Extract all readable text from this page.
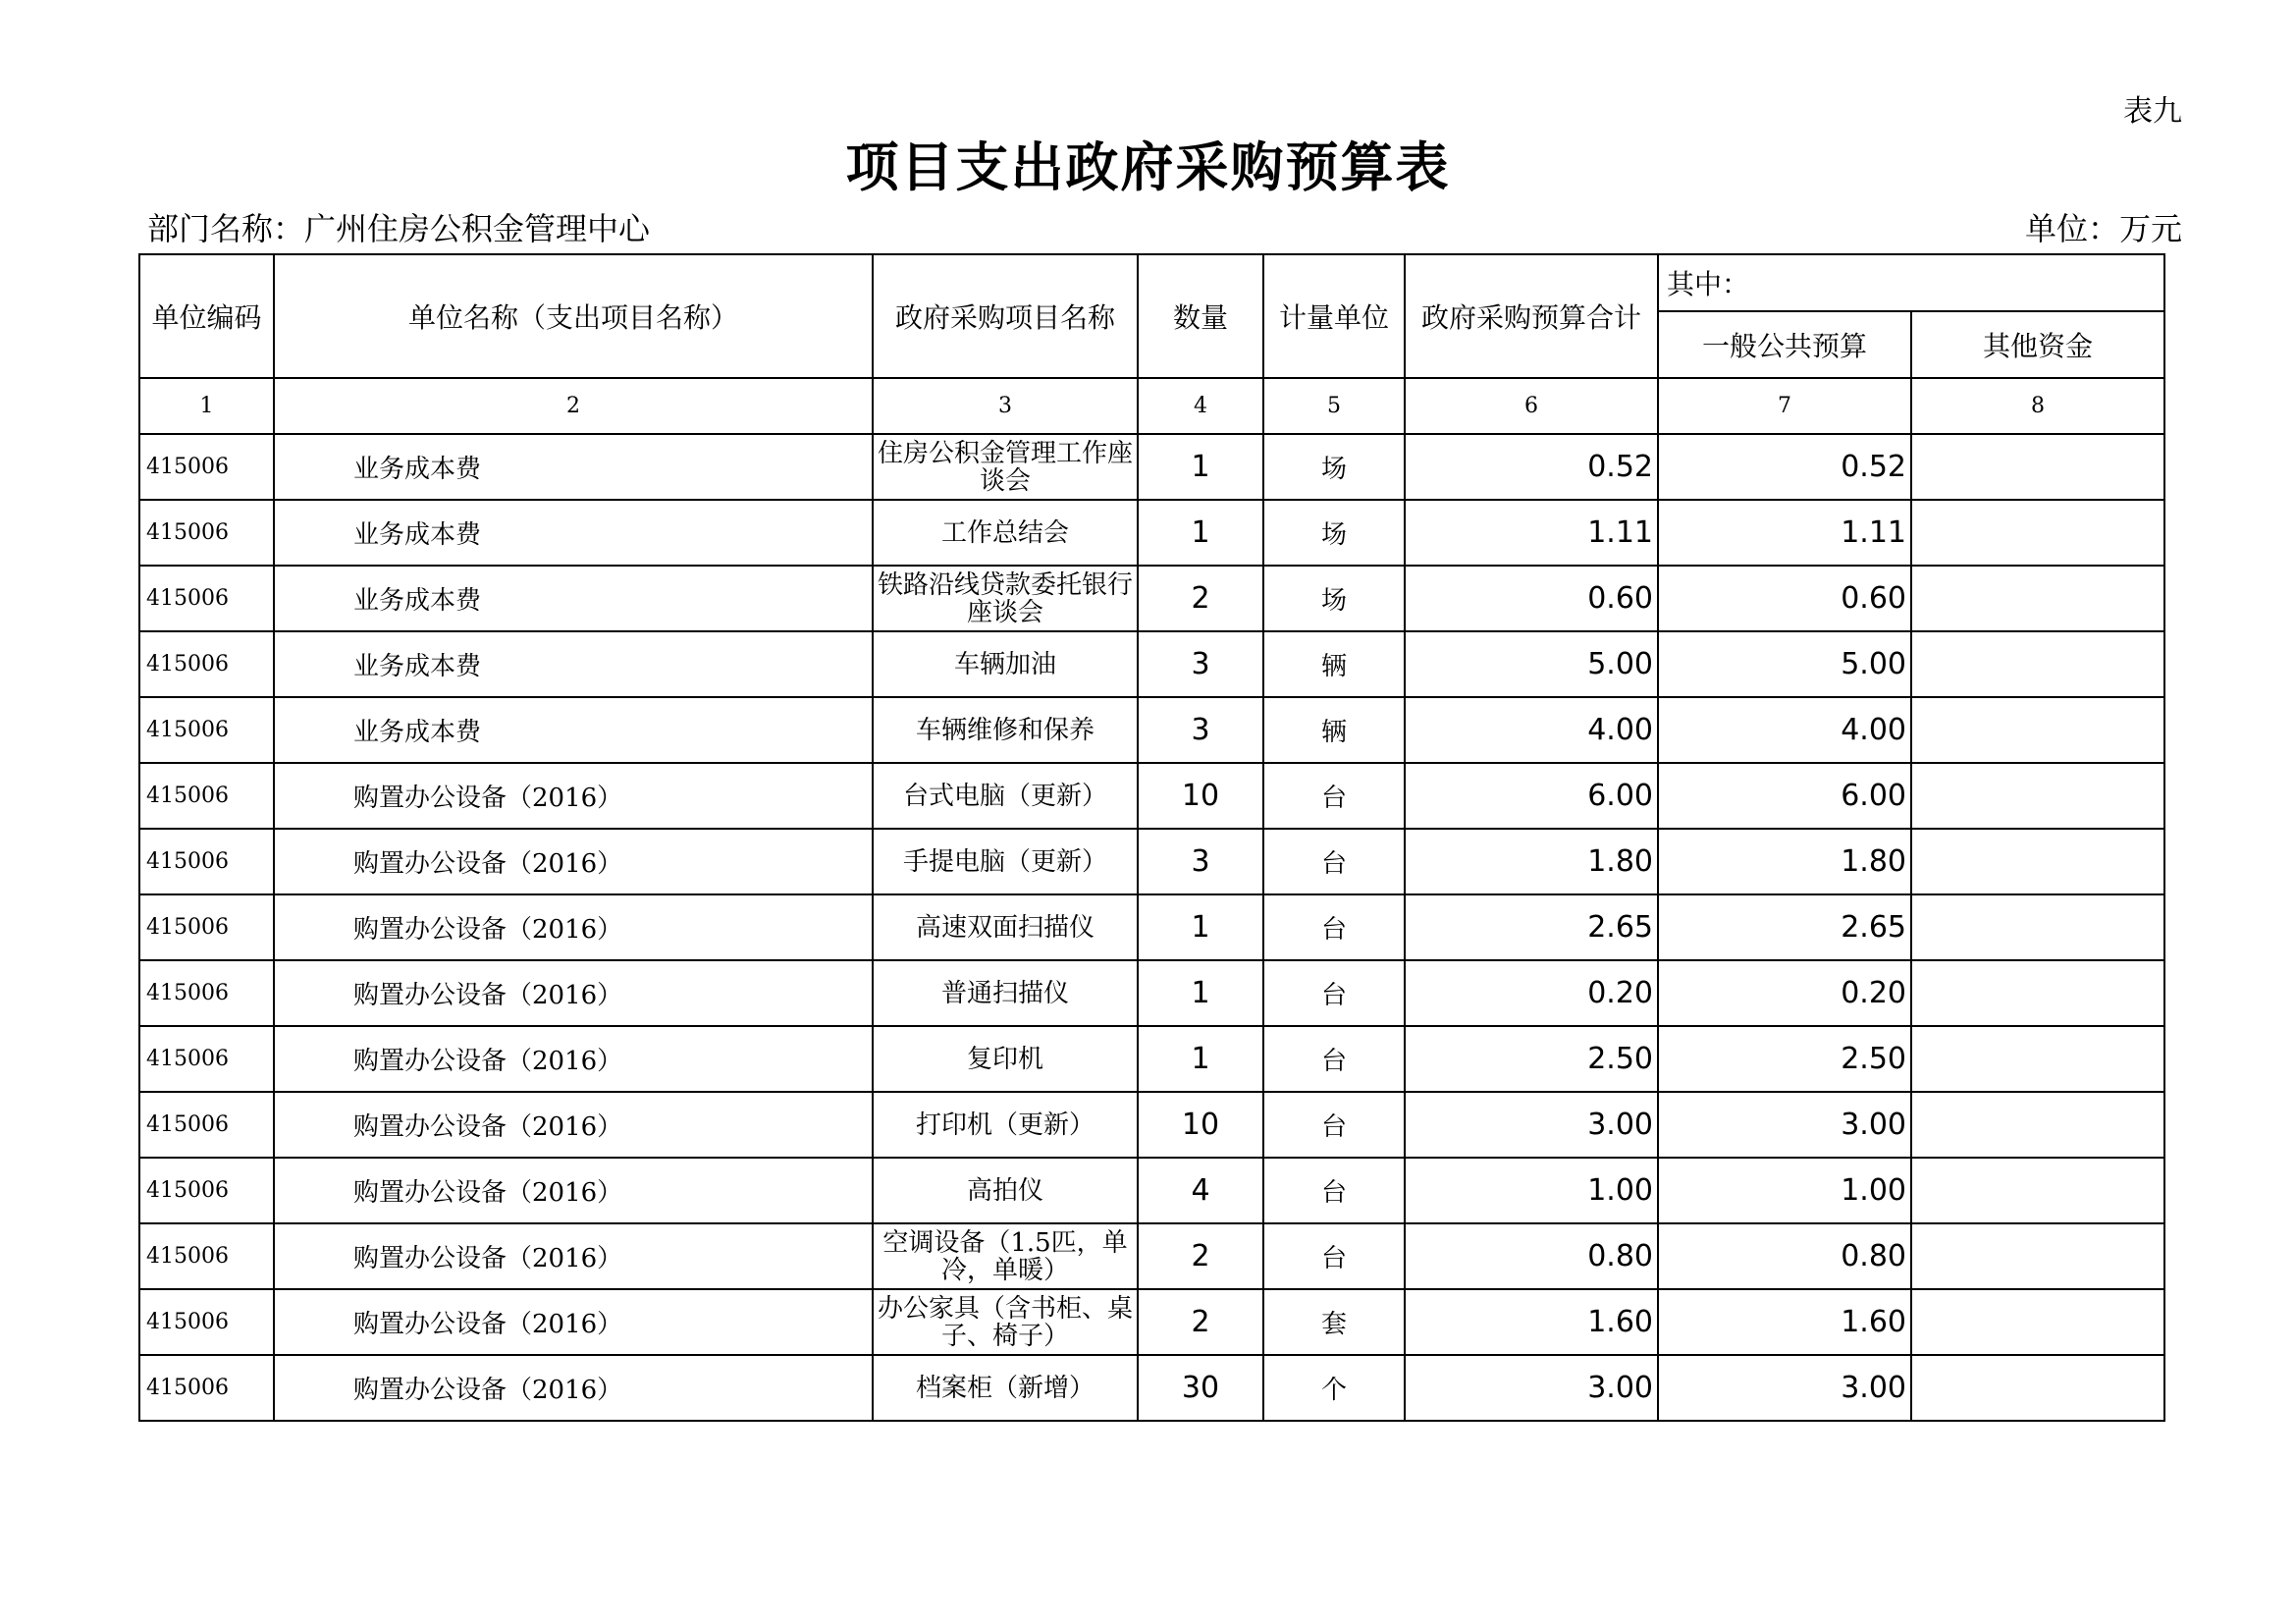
表九
项目支出政府采购预算表
部门名称：广州住房公积金管理中心	单位：万元
单位编码	单位名称（支出项目名称）	政府采购项目名称	数量	计量单位	政府采购预算合计	其中：	
						一般公共预算	其他资金
1	2	3	4	5	6	7	8
415006	业务成本费	住房公积金管理工作座谈会	1	场	0.52	0.52	
415006	业务成本费	工作总结会	1	场	1.11	1.11	
415006	业务成本费	铁路沿线贷款委托银行座谈会	2	场	0.60	0.60	
415006	业务成本费	车辆加油	3	辆	5.00	5.00	
415006	业务成本费	车辆维修和保养	3	辆	4.00	4.00	
415006	购置办公设备（2016）	台式电脑（更新）	10	台	6.00	6.00	
415006	购置办公设备（2016）	手提电脑（更新）	3	台	1.80	1.80	
415006	购置办公设备（2016）	高速双面扫描仪	1	台	2.65	2.65	
415006	购置办公设备（2016）	普通扫描仪	1	台	0.20	0.20	
415006	购置办公设备（2016）	复印机	1	台	2.50	2.50	
415006	购置办公设备（2016）	打印机（更新）	10	台	3.00	3.00	
415006	购置办公设备（2016）	高拍仪	4	台	1.00	1.00	
415006	购置办公设备（2016）	空调设备（1.5匹，单冷，单暖）	2	台	0.80	0.80	
415006	购置办公设备（2016）	办公家具（含书柜、桌子、椅子）	2	套	1.60	1.60	
415006	购置办公设备（2016）	档案柜（新增）	30	个	3.00	3.00	
